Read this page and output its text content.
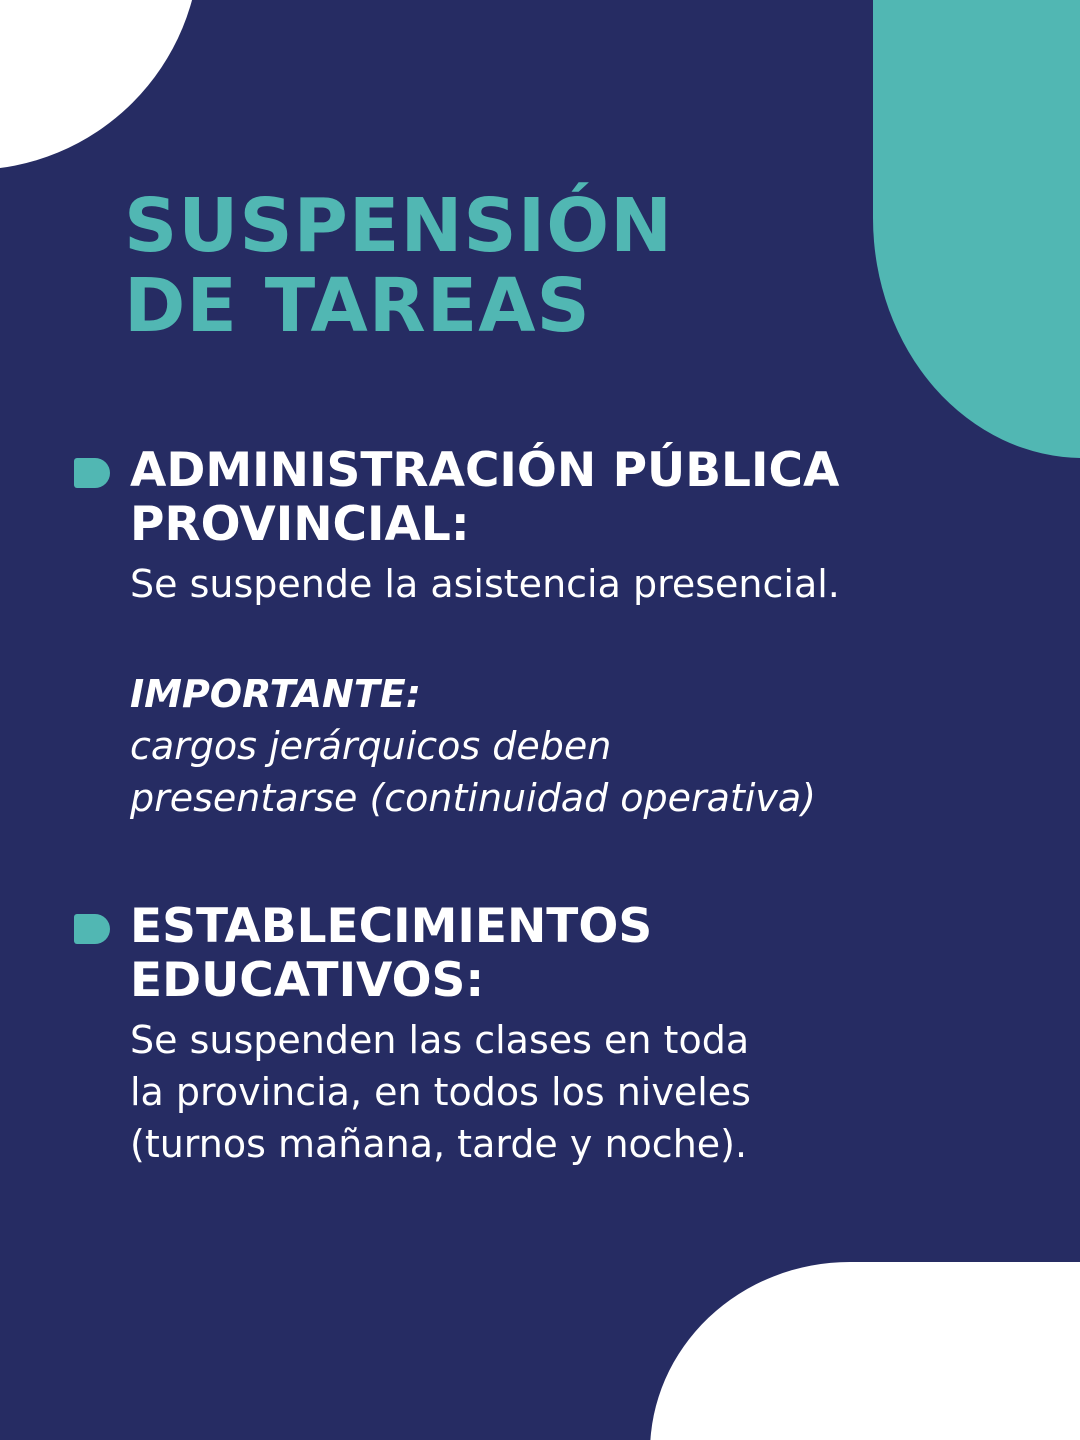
SUSPENSIÓN
DE TAREAS
ADMINISTRACIÓN PÚBLICA
PROVINCIAL:

Se suspende la asistencia presencial.

IMPORTANTE:

cargos jerárquicos deben
presentarse (continuidad operativa)

ESTABLECIMIENTOS
EDUCATIVOS:

Se suspenden las clases en toda
la provincia, en todos los niveles
(turnos mañana, tarde y noche).
